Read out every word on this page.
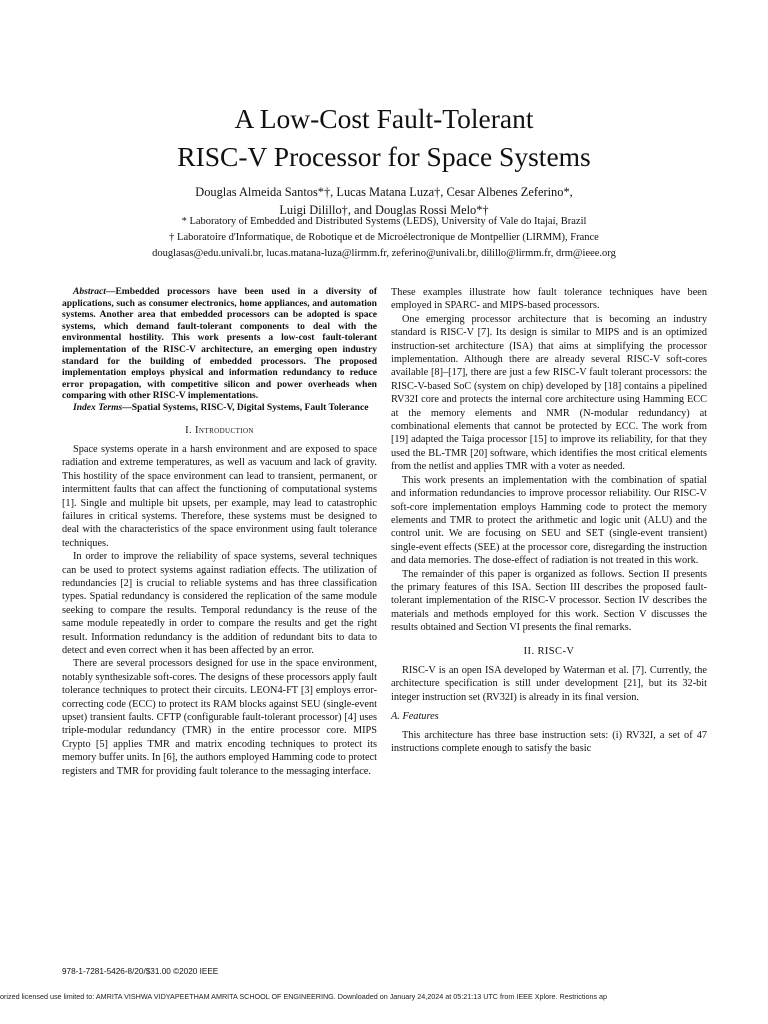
A Low-Cost Fault-Tolerant
RISC-V Processor for Space Systems
Douglas Almeida Santos*†, Lucas Matana Luza†, Cesar Albenes Zeferino*,
Luigi Dilillo†, and Douglas Rossi Melo*†
* Laboratory of Embedded and Distributed Systems (LEDS), University of Vale do Itajaí, Brazil
† Laboratoire d'Informatique, de Robotique et de Microélectronique de Montpellier (LIRMM), France
douglasas@edu.univali.br, lucas.matana-luza@lirmm.fr, zeferino@univali.br, dilillo@lirmm.fr, drm@ieee.org

Abstract—Embedded processors have been used in a diversity of applications, such as consumer electronics, home appliances, and automation systems. Another area that embedded processors can be adopted is space systems, which demand fault-tolerant components to deal with the environmental hostility. This work presents a low-cost fault-tolerant implementation of the RISC-V architecture, an emerging open industry standard for the building of embedded processors. The proposed implementation employs physical and information redundancy to reduce error propagation, with competitive silicon and power overheads when comparing with other RISC-V implementations.

Index Terms—Spatial Systems, RISC-V, Digital Systems, Fault Tolerance

I. Introduction

Space systems operate in a harsh environment and are exposed to space radiation and extreme temperatures, as well as vacuum and lack of gravity. This hostility of the space environment can lead to transient, permanent, or intermittent faults that can affect the functioning of computational systems [1]. Single and multiple bit upsets, per example, may lead to catastrophic failures in critical systems. Therefore, these systems must be designed to deal with the characteristics of the space environment using fault tolerance techniques.

In order to improve the reliability of space systems, several techniques can be used to protect systems against radiation effects. The utilization of redundancies [2] is crucial to reliable systems and has three classification types. Spatial redundancy is considered the replication of the same module seeking to compare the results. Temporal redundancy is the reuse of the same module repeatedly in order to compare the results and get the right result. Information redundancy is the addition of redundant bits to data to detect and even correct when it has been affected by an error.

There are several processors designed for use in the space environment, notably synthesizable soft-cores. The designs of these processors apply fault tolerance techniques to protect their circuits. LEON4-FT [3] employs error-correcting code (ECC) to protect its RAM blocks against SEU (single-event upset) transient faults. CFTP (configurable fault-tolerant processor) [4] uses triple-modular redundancy (TMR) in the entire processor core. MIPS Crypto [5] applies TMR and matrix encoding techniques to protect its memory buffer units. In [6], the authors employed Hamming code to protect registers and TMR for providing fault tolerance to the messaging interface.

These examples illustrate how fault tolerance techniques have been employed in SPARC- and MIPS-based processors.

One emerging processor architecture that is becoming an industry standard is RISC-V [7]. Its design is similar to MIPS and is an optimized instruction-set architecture (ISA) that aims at simplifying the processor implementation. Although there are already several RISC-V soft-cores available [8]–[17], there are just a few RISC-V fault tolerant processors: the RISC-V-based SoC (system on chip) developed by [18] contains a pipelined RV32I core and protects the internal core architecture using Hamming ECC at the memory elements and NMR (N-modular redundancy) at combinational elements that cannot be protected by ECC. The work from [19] adapted the Taiga processor [15] to improve its reliability, for that they used the BL-TMR [20] software, which identifies the most critical elements from the netlist and applies TMR with a voter as needed.

This work presents an implementation with the combination of spatial and information redundancies to improve processor reliability. Our RISC-V soft-core implementation employs Hamming code to protect the memory elements and TMR to protect the arithmetic and logic unit (ALU) and the control unit. We are focusing on SEU and SET (single-event transient) single-event effects (SEE) at the processor core, disregarding the instruction and data memories. The dose-effect of radiation is not treated in this work.

The remainder of this paper is organized as follows. Section II presents the primary features of this ISA. Section III describes the proposed fault-tolerant implementation of the RISC-V processor. Section IV describes the materials and methods employed for this work. Section V discusses the results obtained and Section VI presents the final remarks.

II. RISC-V

RISC-V is an open ISA developed by Waterman et al. [7]. Currently, the architecture specification is still under development [21], but its 32-bit integer instruction set (RV32I) is already in its final version.

A. Features

This architecture has three base instruction sets: (i) RV32I, a set of 47 instructions complete enough to satisfy the basic

978-1-7281-5426-8/20/$31.00 ©2020 IEEE
orized licensed use limited to: AMRITA VISHWA VIDYAPEETHAM AMRITA SCHOOL OF ENGINEERING. Downloaded on January 24,2024 at 05:21:13 UTC from IEEE Xplore. Restrictions ap
